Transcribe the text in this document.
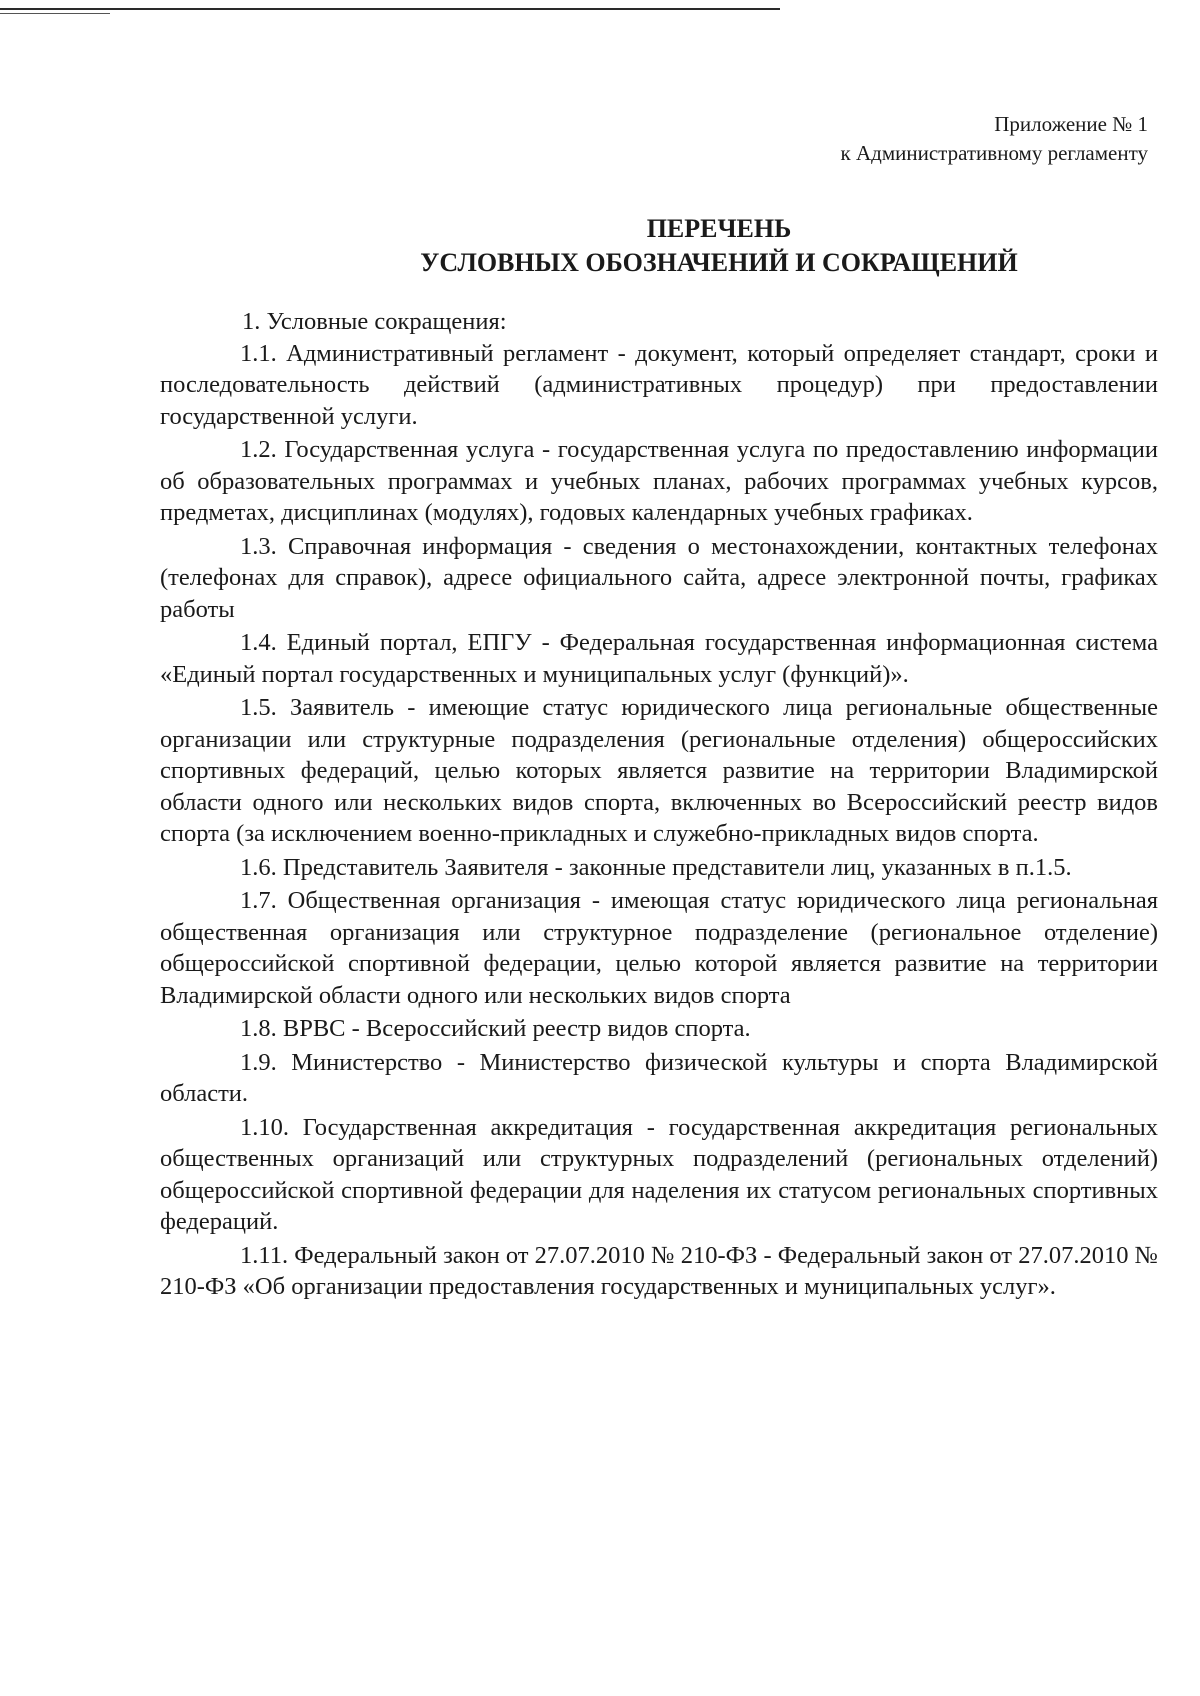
Приложение № 1
к Административному регламенту
ПЕРЕЧЕНЬ
УСЛОВНЫХ ОБОЗНАЧЕНИЙ И СОКРАЩЕНИЙ

1. Условные сокращения:

1.1. Административный регламент - документ, который определяет стандарт, сроки и последовательность действий (административных процедур) при предоставлении государственной услуги.

1.2. Государственная услуга - государственная услуга по предоставлению информации об образовательных программах и учебных планах, рабочих программах учебных курсов, предметах, дисциплинах (модулях), годовых календарных учебных графиках.

1.3. Справочная информация - сведения о местонахождении, контактных телефонах (телефонах для справок), адресе официального сайта, адресе электронной почты, графиках работы

1.4. Единый портал, ЕПГУ - Федеральная государственная информационная система «Единый портал государственных и муниципальных услуг (функций)».

1.5. Заявитель - имеющие статус юридического лица региональные общественные организации или структурные подразделения (региональные отделения) общероссийских спортивных федераций, целью которых является развитие на территории Владимирской области одного или нескольких видов спорта, включенных во Всероссийский реестр видов спорта (за исключением военно-прикладных и служебно-прикладных видов спорта.

1.6. Представитель Заявителя - законные представители лиц, указанных в п.1.5.

1.7. Общественная организация - имеющая статус юридического лица региональная общественная организация или структурное подразделение (региональное отделение) общероссийской спортивной федерации, целью которой является развитие на территории Владимирской области одного или нескольких видов спорта

1.8. ВРВС - Всероссийский реестр видов спорта.

1.9. Министерство - Министерство физической культуры и спорта Владимирской области.

1.10. Государственная аккредитация - государственная аккредитация региональных общественных организаций или структурных подразделений (региональных отделений) общероссийской спортивной федерации для наделения их статусом региональных спортивных федераций.

1.11. Федеральный закон от 27.07.2010 № 210-ФЗ - Федеральный закон от 27.07.2010 № 210-ФЗ «Об организации предоставления государственных и муниципальных услуг».
